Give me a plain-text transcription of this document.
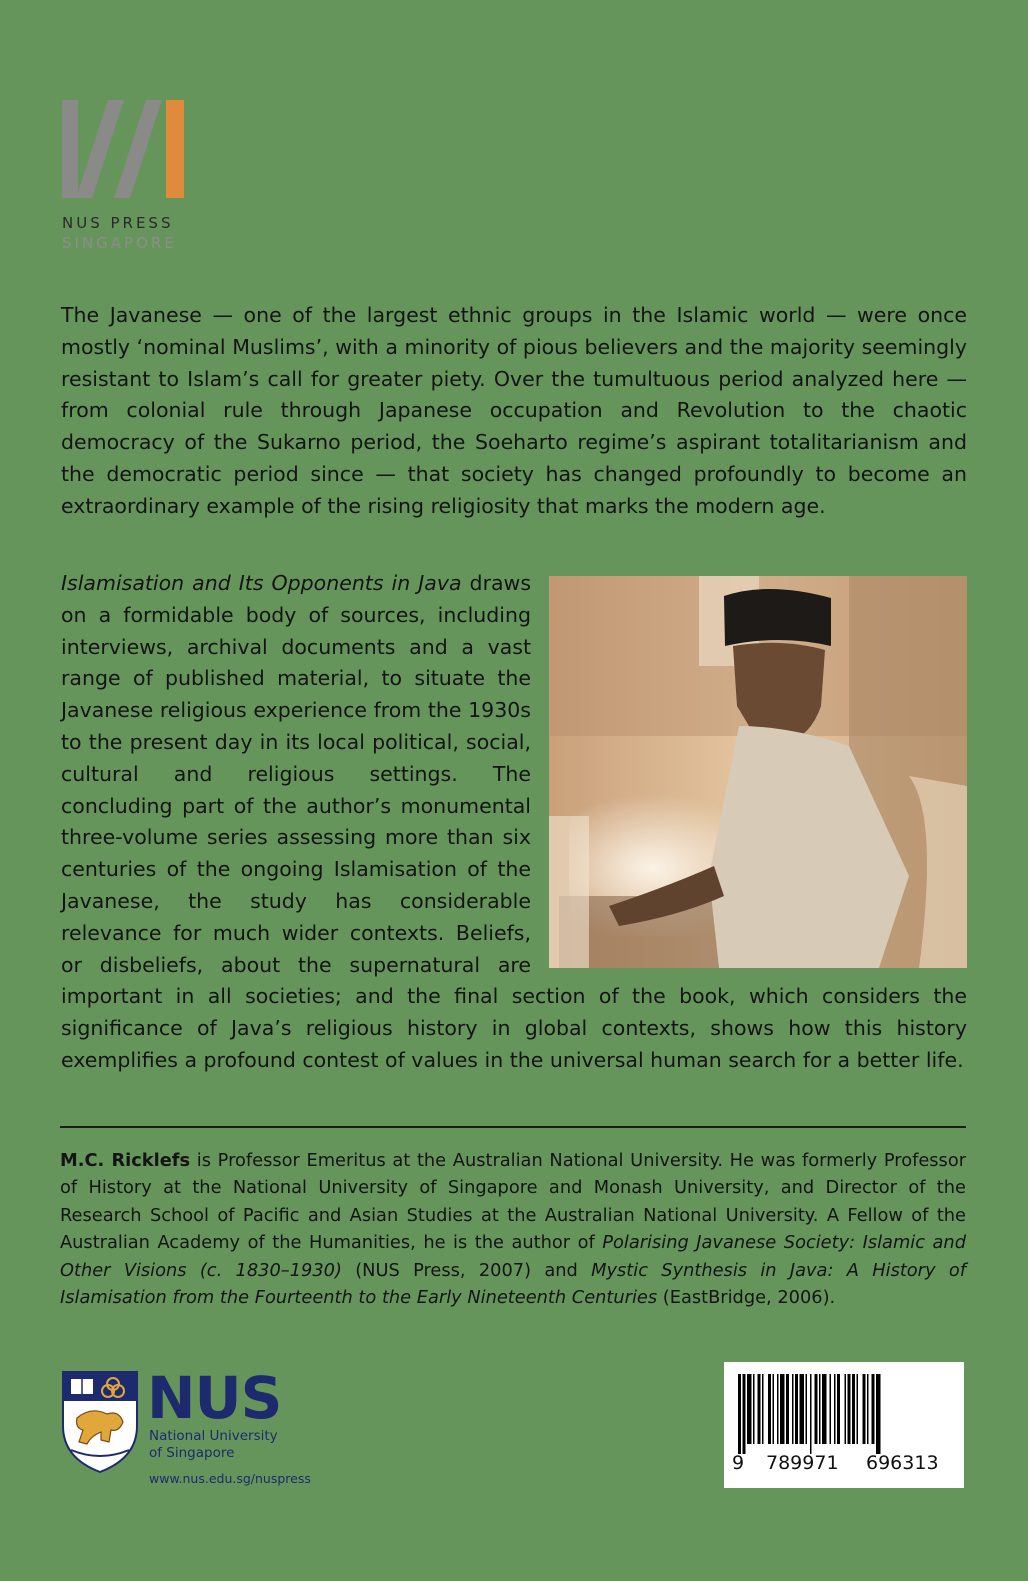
NUS PRESS
SINGAPORE

The Javanese — one of the largest ethnic groups in the Islamic world — were once mostly ‘nominal Muslims’, with a minority of pious believers and the majority seemingly resistant to Islam’s call for greater piety. Over the tumultuous period analyzed here — from colonial rule through Japanese occupation and Revolution to the chaotic democracy of the Sukarno period, the Soeharto regime’s aspirant totalitarianism and the democratic period since — that society has changed profoundly to become an extraordinary example of the rising religiosity that marks the modern age.

Islamisation and Its Opponents in Java draws on a formidable body of sources, including interviews, archival documents and a vast range of published material, to situate the Javanese religious experience from the 1930s to the present day in its local political, social, cultural and religious settings. The concluding part of the author’s monumental three-volume series assessing more than six centuries of the ongoing Islamisation of the Javanese, the study has considerable relevance for much wider contexts. Beliefs, or disbeliefs, about the supernatural are important in all societies; and the final section of the book, which considers the significance of Java’s religious history in global contexts, shows how this history exemplifies a profound contest of values in the universal human search for a better life.

M.C. Ricklefs is Professor Emeritus at the Australian National University. He was formerly Professor of History at the National University of Singapore and Monash University, and Director of the Research School of Pacific and Asian Studies at the Australian National University. A Fellow of the Australian Academy of the Humanities, he is the author of Polarising Javanese Society: Islamic and Other Visions (c. 1830–1930) (NUS Press, 2007) and Mystic Synthesis in Java: A History of Islamisation from the Fourteenth to the Early Nineteenth Centuries (EastBridge, 2006).

NUS
National University
of Singapore
www.nus.edu.sg/nuspress
9 789971 696313
